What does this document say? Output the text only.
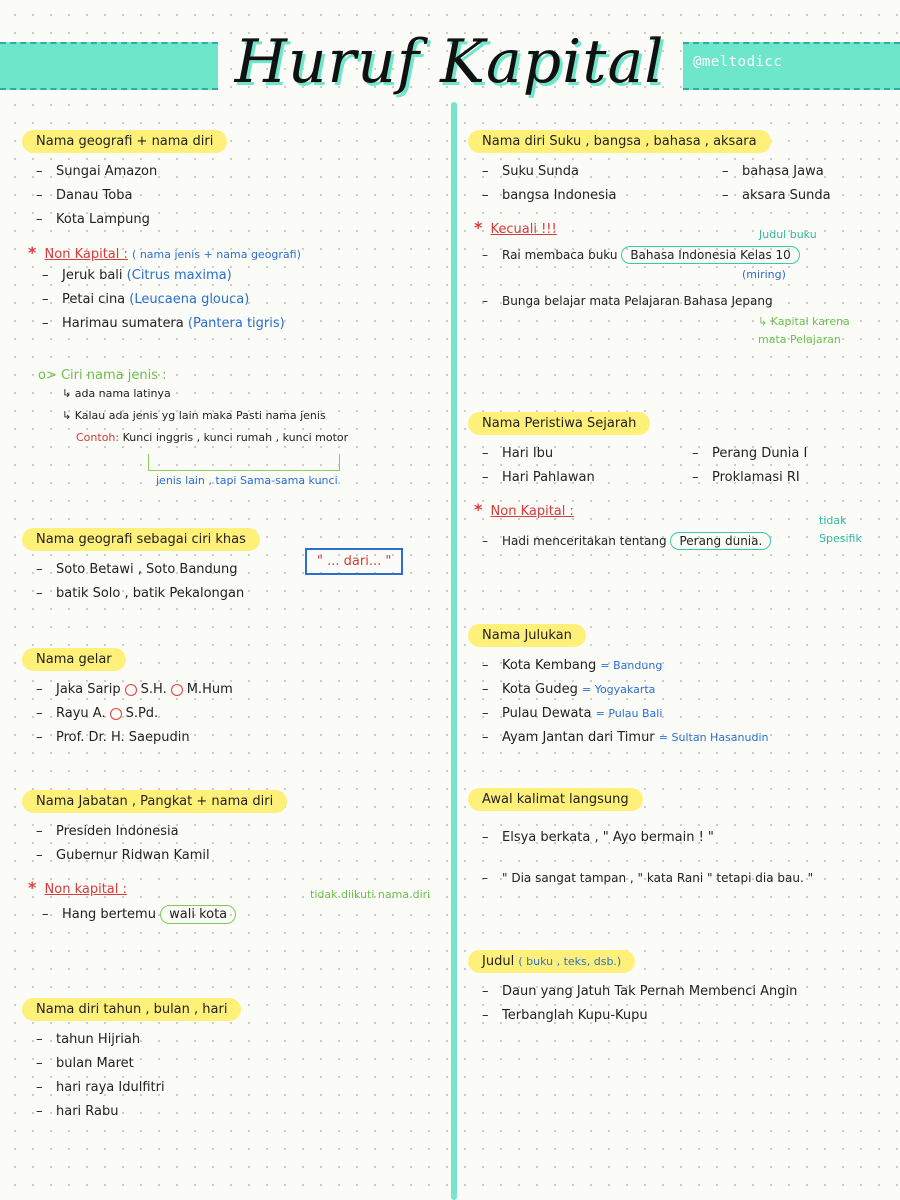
@meltodicc
Huruf Kapital
Nama geografi + nama diri
– Sungai Amazon
– Danau Toba
– Kota Lampung
* Non Kapital : ( nama jenis + nama geografi)
– Jeruk bali (Citrus maxima)
– Petai cina (Leucaena glouca)
– Harimau sumatera (Pantera tigris)
o> Ciri nama jenis :
↳ ada nama latinya
↳ Kalau ada jenis yg lain maka Pasti nama jenis
Contoh: Kunci inggris , kunci rumah , kunci motor
jenis lain , tapi Sama-sama kunci
Nama geografi sebagai ciri khas
– Soto Betawi , Soto Bandung
– batik Solo , batik Pekalongan
" ... dari... "
Nama gelar
– Jaka Sarip S.H. M.Hum
– Rayu A. S.Pd.
– Prof. Dr. H. Saepudin
Nama Jabatan , Pangkat + nama diri
– Presiden Indonesia
– Gubernur Ridwan Kamil
* Non kapital :
– Hang bertemu wali kota
tidak diikuti nama diri
Nama diri tahun , bulan , hari
– tahun Hijriah
– bulan Maret
– hari raya Idulfitri
– hari Rabu
Nama diri Suku , bangsa , bahasa , aksara
– Suku Sunda	– bahasa Jawa
– bangsa Indonesia	– aksara Sunda
* Kecuali !!!	Judul buku
– Rai membaca buku Bahasa Indonesia Kelas 10
(miring)
– Bunga belajar mata Pelajaran Bahasa Jepang
↳ Kapital karena mata Pelajaran
Nama Peristiwa Sejarah
– Hari Ibu	– Perang Dunia I
– Hari Pahlawan	– Proklamasi RI
* Non Kapital :
– Hadi menceritakan tentang Perang dunia.
tidak Spesifik
Nama Julukan
– Kota Kembang = Bandung
– Kota Gudeg = Yogyakarta
– Pulau Dewata = Pulau Bali
– Ayam Jantan dari Timur = Sultan Hasanudin
Awal kalimat langsung
– Elsya berkata , " Ayo bermain ! "
– " Dia sangat tampan , " kata Rani " tetapi dia bau. "
Judul ( buku , teks, dsb.)
– Daun yang Jatuh Tak Pernah Membenci Angin
– Terbanglah Kupu-Kupu
